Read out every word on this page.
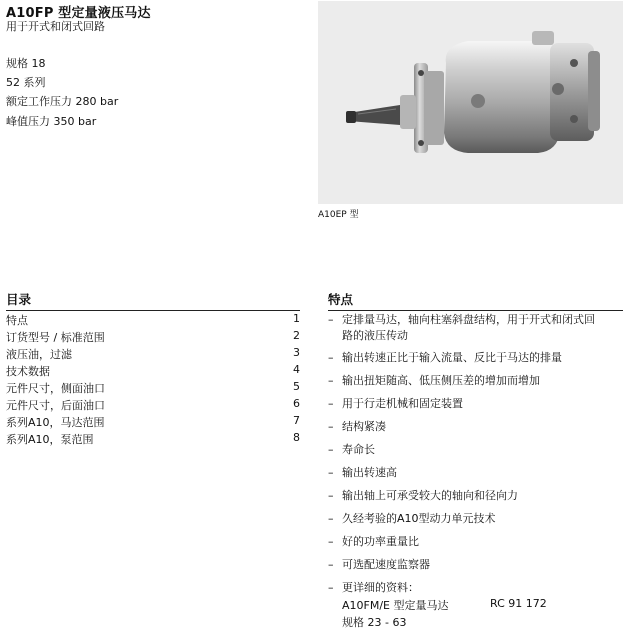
A10FP 型定量液压马达
用于开式和闭式回路
规格 18
52 系列
额定工作压力 280 bar
峰值压力 350 bar
A10EP 型
目录
特点	1
订货型号 / 标准范围	2
液压油，过滤	3
技术数据	4
元件尺寸，侧面油口	5
元件尺寸，后面油口	6
系列A10，马达范围	7
系列A10，泵范围	8
特点
– 定排量马达，轴向柱塞斜盘结构，用于开式和闭式回
路的液压传动
– 输出转速正比于输入流量、反比于马达的排量
– 输出扭矩随高、低压侧压差的增加而增加
– 用于行走机械和固定装置
– 结构紧凑
– 寿命长
– 输出转速高
– 输出轴上可承受较大的轴向和径向力
– 久经考验的A10型动力单元技术
– 好的功率重量比
– 可选配速度监察器
– 更详细的资料：
A10FM/E 型定量马达	RC 91 172
规格 23 - 63
